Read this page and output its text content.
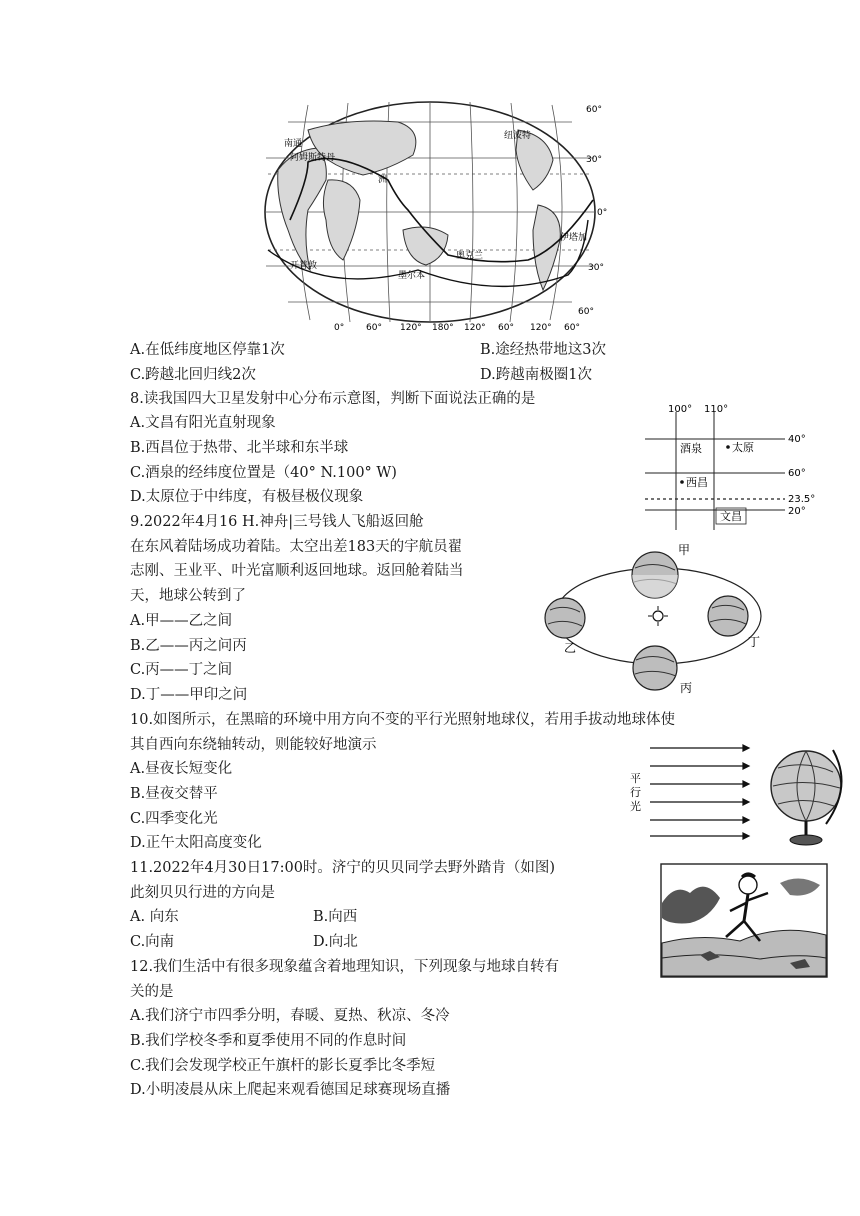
60°
30°
0°
30°
60°
0° 60° 120° 180° 120° 60° 120° 60°
南通
阿姆斯特丹
纽波特
洲
奥克兰
墨尔本
开普敦
伊塔加
A.在低纬度地区停靠1次	B.途经热带地这3次
C.跨越北回归线2次	D.跨越南极圈1次
8.读我国四大卫星发射中心分布示意图，判断下面说法正确的是
A.文昌有阳光直射现象
B.西昌位于热带、北半球和东半球
C.酒泉的经纬度位置是（40° N.100° W)
D.太原位于中纬度，有极昼极仪现象
100° 110°
40°
60°
23.5°
20°
酒泉	太原
西昌
文昌
9.2022年4月16 H.神舟|三号钱人飞船返回舱
在东风着陆场成功着陆。太空出差183天的宇航员翟
志刚、王业平、叶光富顺利返回地球。返回舱着陆当
天，地球公转到了
A.甲——乙之间
B.乙——丙之问丙
C.丙——丁之间
D.丁——甲印之问
甲
乙
丙
丁
10.如图所示，在黑暗的环境中用方向不变的平行光照射地球仪，若用手拔动地球体使
其自西向东绕轴转动，则能较好地演示
A.昼夜长短变化
B.昼夜交替平
C.四季变化光
D.正午太阳高度变化
平
行
光
11.2022年4月30日17:00时。济宁的贝贝同学去野外踏肯（如图)
此刻贝贝行进的方向是
A. 向东	B.向西
C.向南	D.向北
12.我们生活中有很多现象蕴含着地理知识，下列现象与地球自转有
关的是
A.我们济宁市四季分明，春暖、夏热、秋凉、冬冷
B.我们学校冬季和夏季使用不同的作息时间
C.我们会发现学校正午旗杆的影长夏季比冬季短
D.小明凌晨从床上爬起来观看德国足球赛现场直播
